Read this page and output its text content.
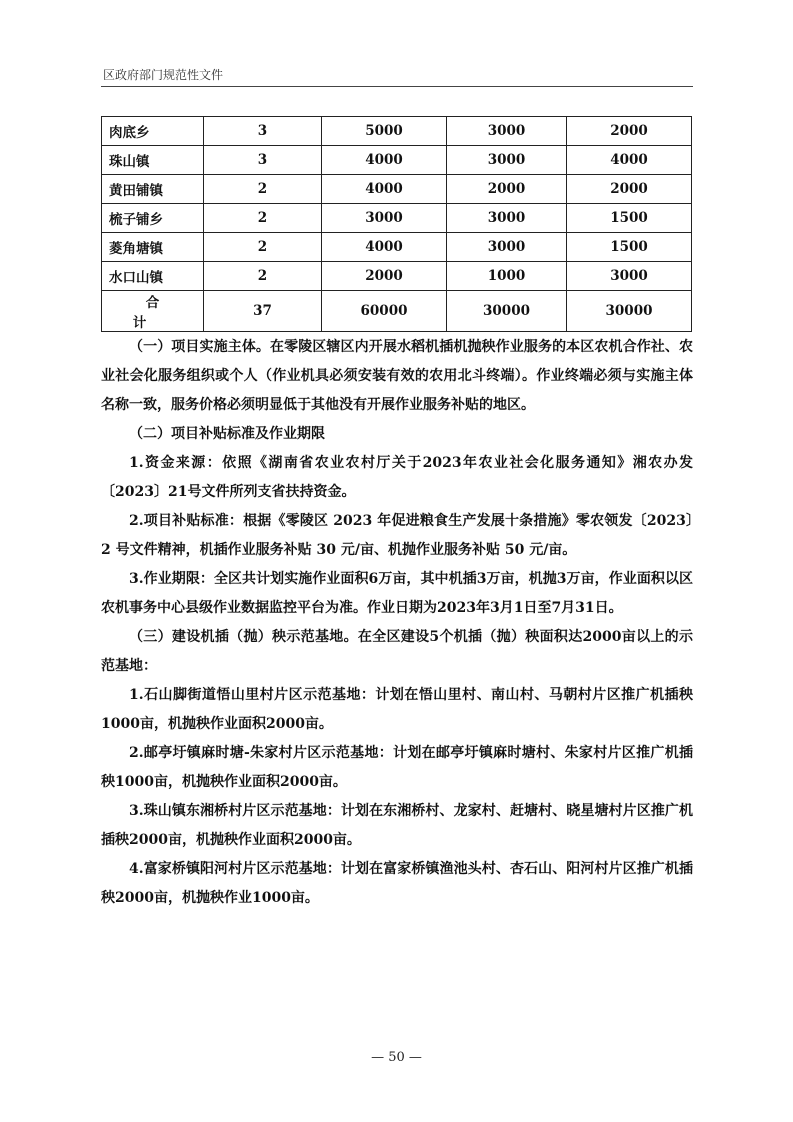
区政府部门规范性文件
肉底乡	3	5000	3000	2000
珠山镇	3	4000	3000	4000
黄田铺镇	2	4000	2000	2000
梳子铺乡	2	3000	3000	1500
菱角塘镇	2	4000	3000	1500
水口山镇	2	2000	1000	3000
合计	37	60000	30000	30000

（一）项目实施主体。在零陵区辖区内开展水稻机插机抛秧作业服务的本区农机合作社、农业社会化服务组织或个人（作业机具必须安装有效的农用北斗终端）。作业终端必须与实施主体名称一致，服务价格必须明显低于其他没有开展作业服务补贴的地区。

（二）项目补贴标准及作业期限

1.资金来源：依照《湖南省农业农村厅关于2023年农业社会化服务通知》湘农办发〔2023〕21号文件所列支省扶持资金。

2.项目补贴标准：根据《零陵区 2023 年促进粮食生产发展十条措施》零农领发〔2023〕2 号文件精神，机插作业服务补贴 30 元/亩、机抛作业服务补贴 50 元/亩。

3.作业期限：全区共计划实施作业面积6万亩，其中机插3万亩，机抛3万亩，作业面积以区农机事务中心县级作业数据监控平台为准。作业日期为2023年3月1日至7月31日。

（三）建设机插（抛）秧示范基地。在全区建设5个机插（抛）秧面积达2000亩以上的示范基地：

1.石山脚街道悟山里村片区示范基地：计划在悟山里村、南山村、马朝村片区推广机插秧1000亩，机抛秧作业面积2000亩。

2.邮亭圩镇麻时塘-朱家村片区示范基地：计划在邮亭圩镇麻时塘村、朱家村片区推广机插秧1000亩，机抛秧作业面积2000亩。

3.珠山镇东湘桥村片区示范基地：计划在东湘桥村、龙家村、赶塘村、晓星塘村片区推广机插秧2000亩，机抛秧作业面积2000亩。

4.富家桥镇阳河村片区示范基地：计划在富家桥镇渔池头村、杏石山、阳河村片区推广机插秧2000亩，机抛秧作业1000亩。

— 50 —
